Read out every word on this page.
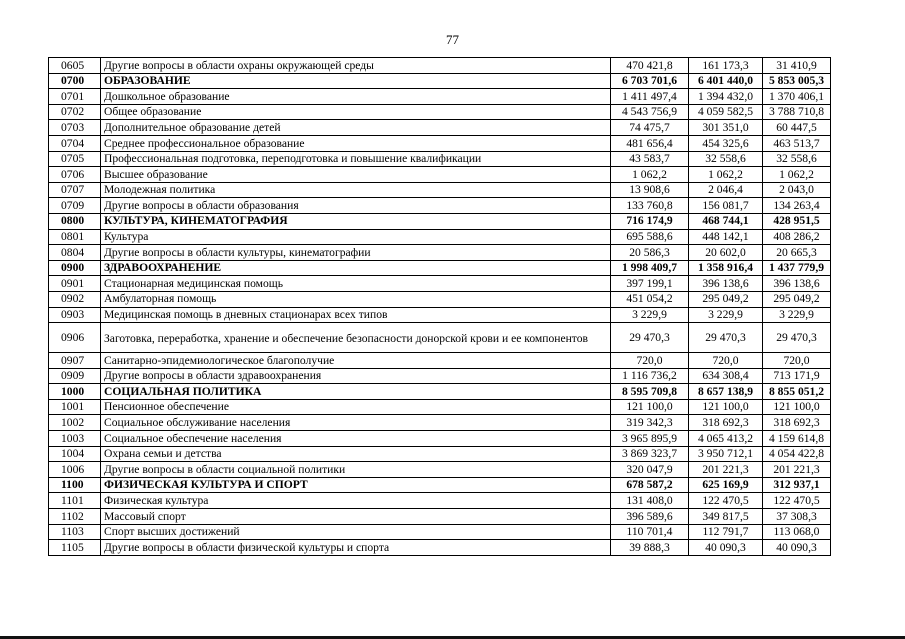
77
0605	Другие вопросы в области охраны окружающей среды	470 421,8	161 173,3	31 410,9
0700	ОБРАЗОВАНИЕ	6 703 701,6	6 401 440,0	5 853 005,3
0701	Дошкольное образование	1 411 497,4	1 394 432,0	1 370 406,1
0702	Общее образование	4 543 756,9	4 059 582,5	3 788 710,8
0703	Дополнительное образование детей	74 475,7	301 351,0	60 447,5
0704	Среднее профессиональное образование	481 656,4	454 325,6	463 513,7
0705	Профессиональная подготовка, переподготовка и повышение квалификации	43 583,7	32 558,6	32 558,6
0706	Высшее образование	1 062,2	1 062,2	1 062,2
0707	Молодежная политика	13 908,6	2 046,4	2 043,0
0709	Другие вопросы в области образования	133 760,8	156 081,7	134 263,4
0800	КУЛЬТУРА, КИНЕМАТОГРАФИЯ	716 174,9	468 744,1	428 951,5
0801	Культура	695 588,6	448 142,1	408 286,2
0804	Другие вопросы в области культуры, кинематографии	20 586,3	20 602,0	20 665,3
0900	ЗДРАВООХРАНЕНИЕ	1 998 409,7	1 358 916,4	1 437 779,9
0901	Стационарная медицинская помощь	397 199,1	396 138,6	396 138,6
0902	Амбулаторная помощь	451 054,2	295 049,2	295 049,2
0903	Медицинская помощь в дневных стационарах всех типов	3 229,9	3 229,9	3 229,9
0906	Заготовка, переработка, хранение и обеспечение безопасности донорской крови и ее компонентов	29 470,3	29 470,3	29 470,3
0907	Санитарно-эпидемиологическое благополучие	720,0	720,0	720,0
0909	Другие вопросы в области здравоохранения	1 116 736,2	634 308,4	713 171,9
1000	СОЦИАЛЬНАЯ ПОЛИТИКА	8 595 709,8	8 657 138,9	8 855 051,2
1001	Пенсионное обеспечение	121 100,0	121 100,0	121 100,0
1002	Социальное обслуживание населения	319 342,3	318 692,3	318 692,3
1003	Социальное обеспечение населения	3 965 895,9	4 065 413,2	4 159 614,8
1004	Охрана семьи и детства	3 869 323,7	3 950 712,1	4 054 422,8
1006	Другие вопросы в области социальной политики	320 047,9	201 221,3	201 221,3
1100	ФИЗИЧЕСКАЯ КУЛЬТУРА И СПОРТ	678 587,2	625 169,9	312 937,1
1101	Физическая культура	131 408,0	122 470,5	122 470,5
1102	Массовый спорт	396 589,6	349 817,5	37 308,3
1103	Спорт высших достижений	110 701,4	112 791,7	113 068,0
1105	Другие вопросы в области физической культуры и спорта	39 888,3	40 090,3	40 090,3
